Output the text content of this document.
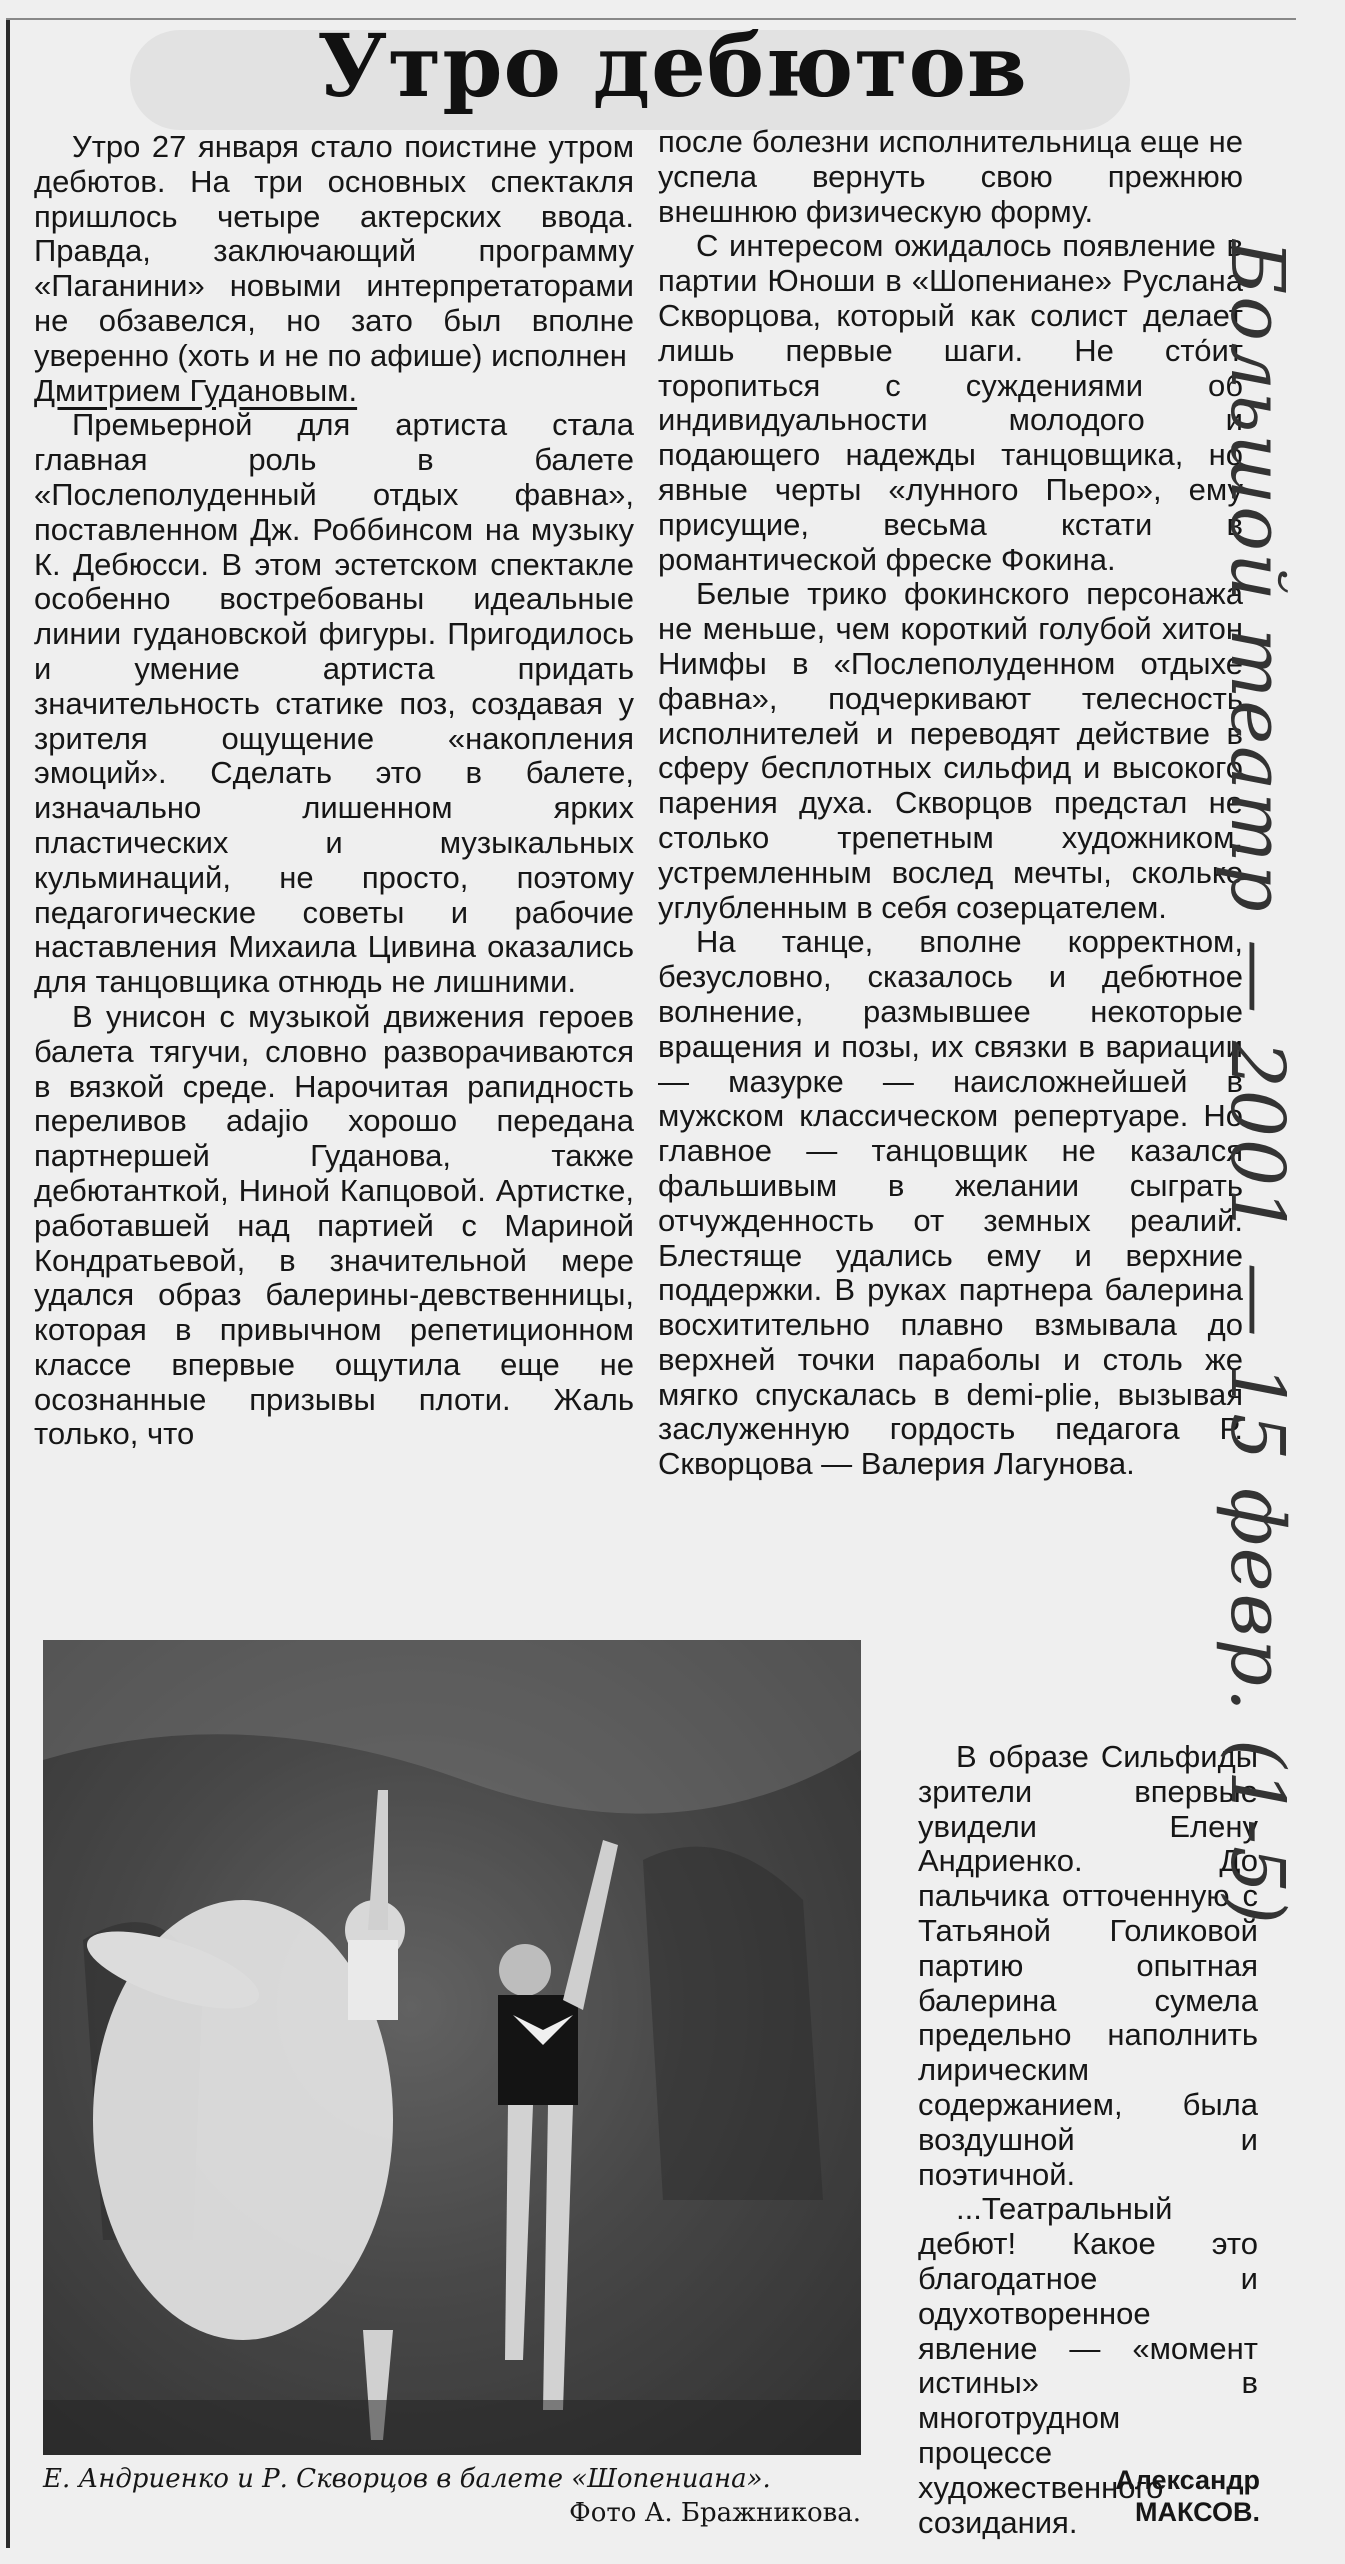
Утро дебютов

Утро 27 января стало поистине утром дебютов. На три основных спектакля пришлось четыре актерских ввода. Правда, заключающий программу «Паганини» новыми интерпретаторами не обзавелся, но зато был вполне уверенно (хоть и не по афише) исполнен

Дмитрием Гудановым.

Премьерной для артиста стала главная роль в балете «Послеполуденный отдых фавна», поставленном Дж. Роббинсом на музыку К. Дебюсси. В этом эстетском спектакле особенно востребованы идеальные линии гудановской фигуры. Пригодилось и умение артиста придать значительность статике поз, создавая у зрителя ощущение «накопления эмоций». Сделать это в балете, изначально лишенном ярких пластических и музыкальных кульминаций, не просто, поэтому педагогические советы и рабочие наставления Михаила Цивина оказались для танцовщика отнюдь не лишними.

В унисон с музыкой движения героев балета тягучи, словно разворачиваются в вязкой среде. Нарочитая рапидность переливов adajio хорошо передана партнершей Гуданова, также дебютанткой, Ниной Капцовой. Артистке, работавшей над партией с Мариной Кондратьевой, в значительной мере удался образ балерины-девственницы, которая в привычном репетиционном классе впервые ощутила еще не осознанные призывы плоти. Жаль только, что

после болезни исполнительница еще не успела вернуть свою прежнюю внешнюю физическую форму.

С интересом ожидалось появление в партии Юноши в «Шопениане» Руслана Скворцова, который как солист делает лишь первые шаги. Не сто́ит торопиться с суждениями об индивидуальности молодого и подающего надежды танцовщика, но явные черты «лунного Пьеро», ему присущие, весьма кстати в романтической фреске Фокина.

Белые трико фокинского персонажа не меньше, чем короткий голубой хитон Нимфы в «Послеполуденном отдыхе фавна», подчеркивают телесность исполнителей и переводят действие в сферу бесплотных сильфид и высокого парения духа. Скворцов предстал не столько трепетным художником, устремленным вослед мечты, сколько углубленным в себя созерцателем.

На танце, вполне корректном, безусловно, сказалось и дебютное волнение, размывшее некоторые вращения и позы, их связки в вариации — мазурке — наисложнейшей в мужском классическом репертуаре. Но главное — танцовщик не казался фальшивым в желании сыграть отчужденность от земных реалий. Блестяще удались ему и верхние поддержки. В руках партнера балерина восхитительно плавно взмывала до верхней точки параболы и столь же мягко спускалась в demi-plie, вызывая заслуженную гордость педагога Р. Скворцова — Валерия Лагунова.

В образе Сильфиды зрители впервые увидели Елену Андриенко. До пальчика отточенную с Татьяной Голиковой партию опытная балерина сумела предельно наполнить лирическим содержанием, была воздушной и поэтичной.

...Театральный дебют! Какое это благодатное и одухотворенное явление — «момент истины» в многотрудном процессе художественного созидания.

Е. Андриенко и Р. Скворцов в балете «Шопениана».
Фото А. Бражникова.
Александр
МАКСОВ.
Большой театр — 2001 — 15 февр. (1-5)
